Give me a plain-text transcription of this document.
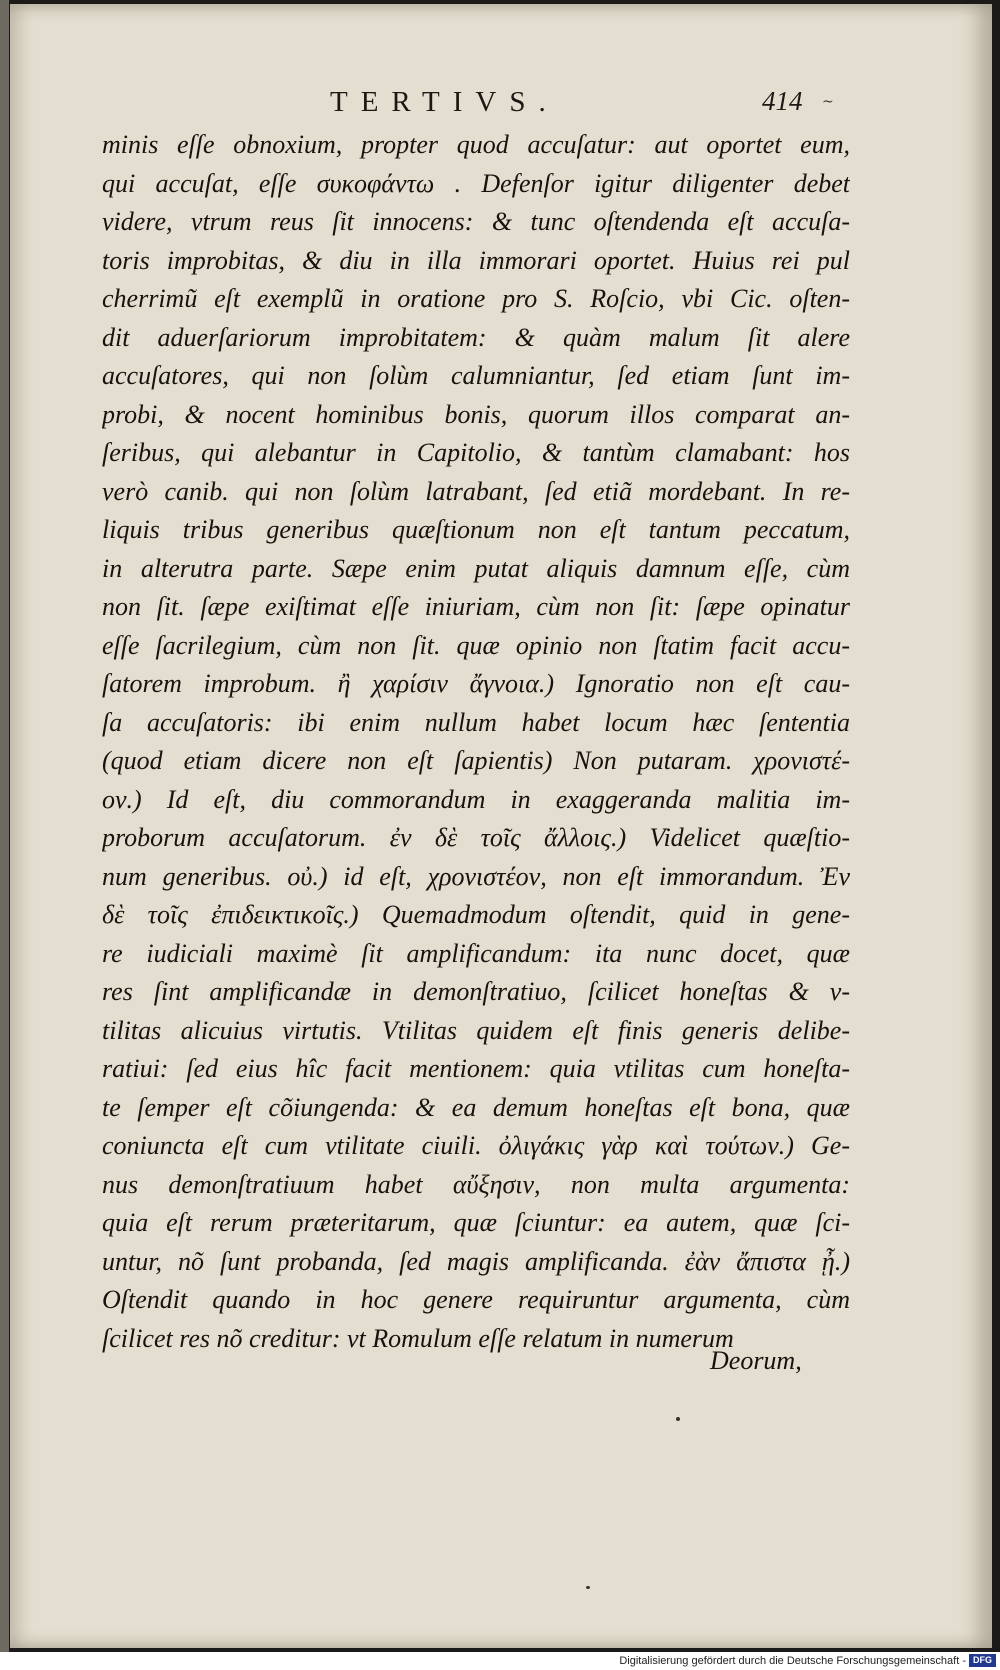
TERTIVS.	414 ~
minis eſſe obnoxium, propter quod accuſatur: aut oportet eum,
qui accuſat, eſſe συκοφάντω . Defenſor igitur diligenter debet
videre, vtrum reus ſit innocens: & tunc oſtendenda eſt accuſa-
toris improbitas, & diu in illa immorari oportet. Huius rei pul
cherrimũ eſt exemplũ in oratione pro S. Roſcio, vbi Cic. oſten-
dit aduerſariorum improbitatem: & quàm malum ſit alere
accuſatores, qui non ſolùm calumniantur, ſed etiam ſunt im-
probi, & nocent hominibus bonis, quorum illos comparat an-
ſeribus, qui alebantur in Capitolio, & tantùm clamabant: hos
verò canib. qui non ſolùm latrabant, ſed etiã mordebant. In re-
liquis tribus generibus quæſtionum non eſt tantum peccatum,
in alterutra parte. Sæpe enim putat aliquis damnum eſſe, cùm
non ſit. ſæpe exiſtimat eſſe iniuriam, cùm non ſit: ſæpe opinatur
eſſe ſacrilegium, cùm non ſit. quæ opinio non ſtatim facit accu-
ſatorem improbum. ἢ χαρίσιν ἄγνοια.) Ignoratio non eſt cau-
ſa accuſatoris: ibi enim nullum habet locum hæc ſententia
(quod etiam dicere non eſt ſapientis) Non putaram. χρονιστέ-
ον.) Id eſt, diu commorandum in exaggeranda malitia im-
proborum accuſatorum. ἐν δὲ τοῖς ἄλλοις.) Videlicet quæſtio-
num generibus. οὐ.) id eſt, χρονιστέον, non eſt immorandum. Ἐν
δὲ τοῖς ἐπιδεικτικοῖς.) Quemadmodum oſtendit, quid in gene-
re iudiciali maximè ſit amplificandum: ita nunc docet, quæ
res ſint amplificandæ in demonſtratiuo, ſcilicet honeſtas & v-
tilitas alicuius virtutis. Vtilitas quidem eſt finis generis delibe-
ratiui: ſed eius hîc facit mentionem: quia vtilitas cum honeſta-
te ſemper eſt cõiungenda: & ea demum honeſtas eſt bona, quæ
coniuncta eſt cum vtilitate ciuili. ὀλιγάκις γὰρ καὶ τούτων.) Ge-
nus demonſtratiuum habet αὔξησιν, non multa argumenta:
quia eſt rerum præteritarum, quæ ſciuntur: ea autem, quæ ſci-
untur, nõ ſunt probanda, ſed magis amplificanda. ἐὰν ἄπιστα ᾖ.)
Oſtendit quando in hoc genere requiruntur argumenta, cùm
ſcilicet res nõ creditur: vt Romulum eſſe relatum in numerum
Deorum,
Digitalisierung gefördert durch die Deutsche Forschungsgemeinschaft - DFG
